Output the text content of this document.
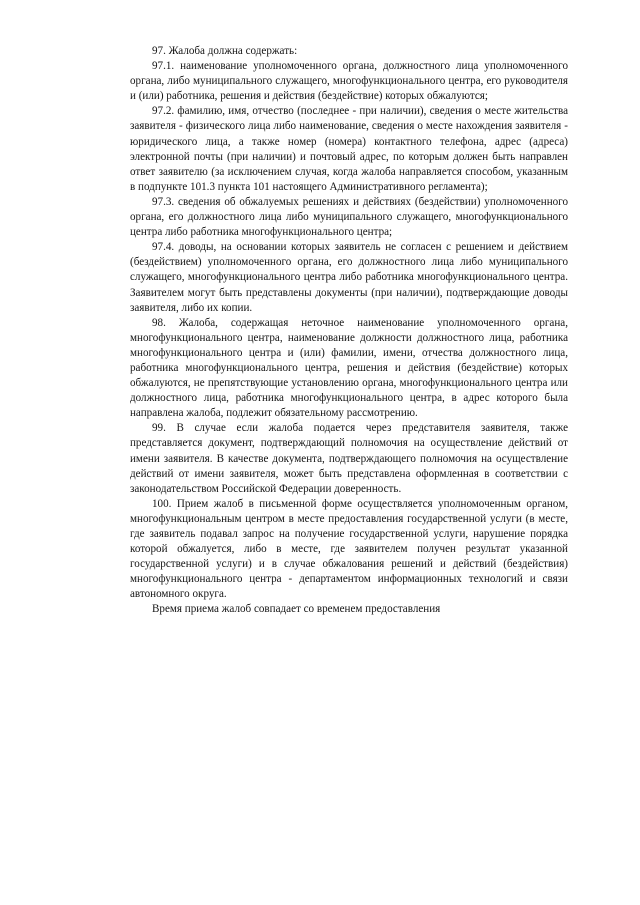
97. Жалоба должна содержать:

97.1. наименование уполномоченного органа, должностного лица уполномоченного органа, либо муниципального служащего, многофункционального центра, его руководителя и (или) работника, решения и действия (бездействие) которых обжалуются;

97.2. фамилию, имя, отчество (последнее - при наличии), сведения о месте жительства заявителя - физического лица либо наименование, сведения о месте нахождения заявителя - юридического лица, а также номер (номера) контактного телефона, адрес (адреса) электронной почты (при наличии) и почтовый адрес, по которым должен быть направлен ответ заявителю (за исключением случая, когда жалоба направляется способом, указанным в подпункте 101.3 пункта 101 настоящего Административного регламента);

97.3. сведения об обжалуемых решениях и действиях (бездействии) уполномоченного органа, его должностного лица либо муниципального служащего, многофункционального центра либо работника многофункционального центра;

97.4. доводы, на основании которых заявитель не согласен с решением и действием (бездействием) уполномоченного органа, его должностного лица либо муниципального служащего, многофункционального центра либо работника многофункционального центра. Заявителем могут быть представлены документы (при наличии), подтверждающие доводы заявителя, либо их копии.

98. Жалоба, содержащая неточное наименование уполномоченного органа, многофункционального центра, наименование должности должностного лица, работника многофункционального центра и (или) фамилии, имени, отчества должностного лица, работника многофункционального центра, решения и действия (бездействие) которых обжалуются, не препятствующие установлению органа, многофункционального центра или должностного лица, работника многофункционального центра, в адрес которого была направлена жалоба, подлежит обязательному рассмотрению.

99. В случае если жалоба подается через представителя заявителя, также представляется документ, подтверждающий полномочия на осуществление действий от имени заявителя. В качестве документа, подтверждающего полномочия на осуществление действий от имени заявителя, может быть представлена оформленная в соответствии с законодательством Российской Федерации доверенность.

100. Прием жалоб в письменной форме осуществляется уполномоченным органом, многофункциональным центром в месте предоставления государственной услуги (в месте, где заявитель подавал запрос на получение государственной услуги, нарушение порядка которой обжалуется, либо в месте, где заявителем получен результат указанной государственной услуги) и в случае обжалования решений и действий (бездействия) многофункционального центра - департаментом информационных технологий и связи автономного округа.

Время приема жалоб совпадает со временем предоставления
